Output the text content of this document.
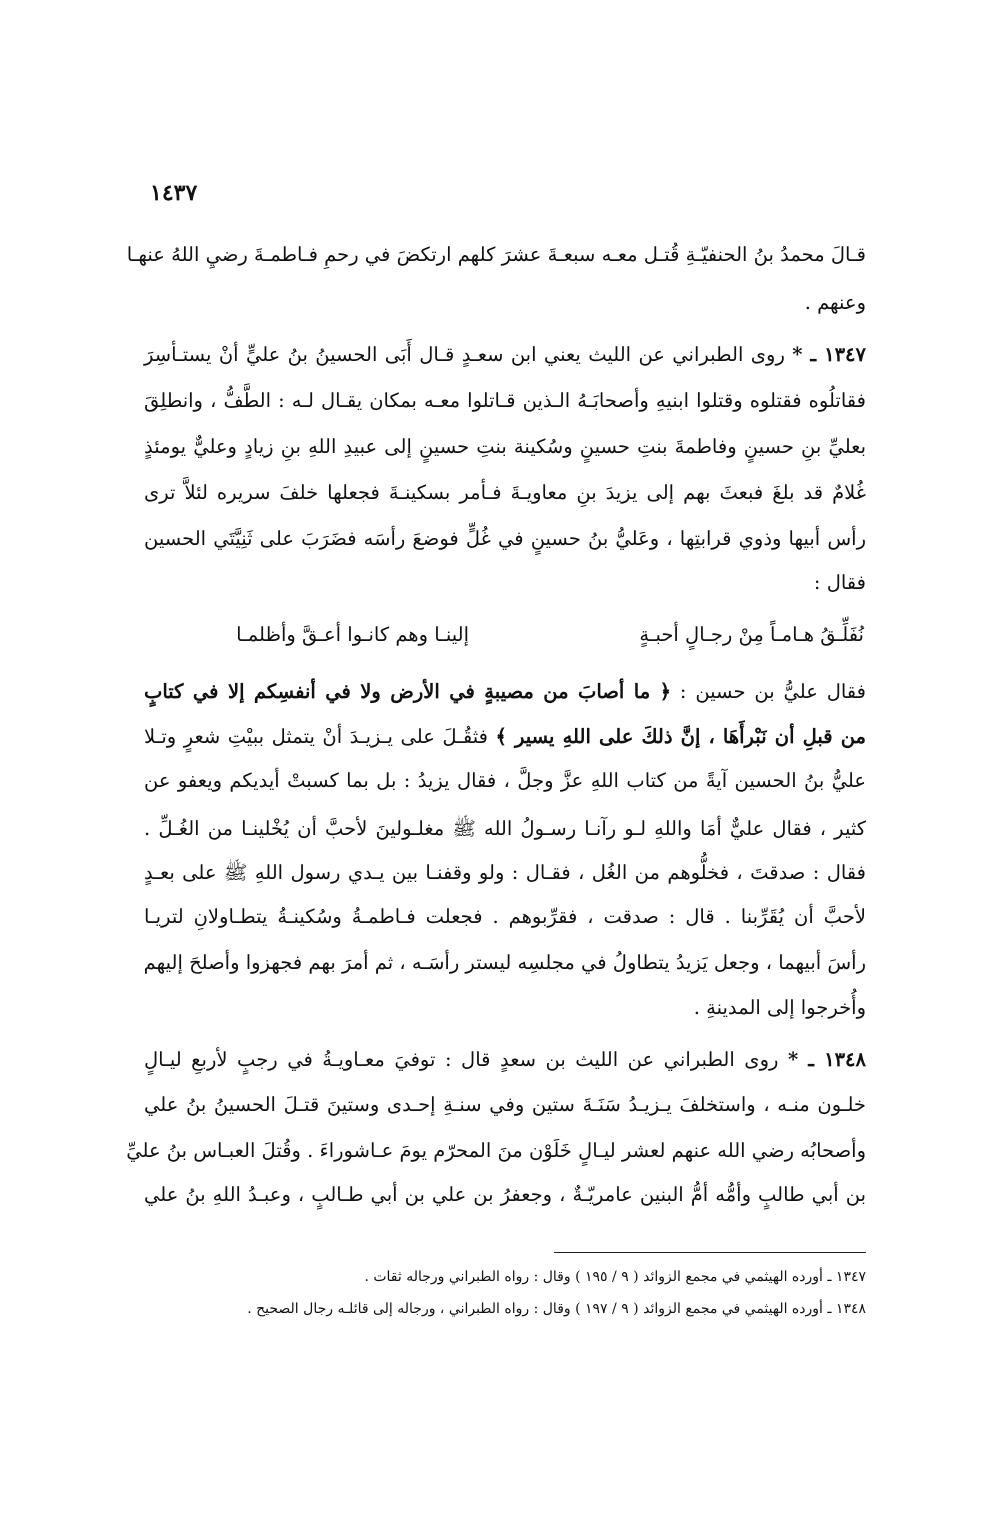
١٤٣٧
قـالَ محمدُ بنُ الحنفيّـةِ قُتـل معـه سبعـةَ عشرَ كلهم ارتكضَ في رحمِ فـاطمـةَ رضيِ اللهُ عنهـا
وعنهم .
١٣٤٧ ـ * روى الطبراني عن الليث يعني ابن سعـدٍ قـال أَبَى الحسينُ بنُ عليٍّ أنْ يستـأسِرَ
فقاتلُوه فقتلوه وقتلوا ابنيهِ وأصحابَـهُ الـذين قـاتلوا معـه بمكان يقـال لـه : الطَّفُّ ، وانطلِقَ
بعليِّ بنِ حسينٍ وفاطمةَ بنتِ حسينٍ وسُكينة بنتِ حسينٍ إلى عبيدِ اللهِ بنِ زيادٍ وعليٌّ يومئذٍ
غُلامٌ قد بلغَ فبعثَ بهم إلى يزيدَ بنِ معاويـةَ فـأمر بسكينـةَ فجعلها خلفَ سريره لئلاَّ ترى
رأس أبيها وذوي قرابتِها ، وعَليُّ بنُ حسينٍ في غُلٍّ فوضعَ رأسَه فضَرَبَ على ثَنِيَّتَي الحسين
فقال :
فقال عليُّ بن حسين : ﴿ ما أصابَ من مصيبةٍ في الأرض ولا في أنفسِكم إلا في كتابٍ
من قبلِ أن نَبْرأَهَا ، إنَّ ذلكَ على اللهِ يسير ﴾ فثقُـلَ على يـزيـدَ أنْ يتمثل ببيْتِ شعرٍ وتـلا
عليُّ بنُ الحسين آيةً من كتاب اللهِ عزَّ وجلَّ ، فقال يزيدُ : بل بما كسبتْ أيديكم ويعفو عن
كثير ، فقال عليٌّ أمَا واللهِ لـو رآنـا رسـولُ الله ﷺ مغلـولينَ لأحبَّ أن يُخْلينـا من الغُـلِّ .
فقال : صدقتَ ، فخلُّوهم من الغُل ، فقـال : ولو وقفنـا بين يـدي رسول اللهِ ﷺ على بعـدٍ
لأحبَّ أن يُقَرِّبنا . قال : صدقت ، فقرِّبوهم . فجعلت فـاطمـةُ وسُكينـةُ يتطـاولانِ لتريـا
رأسَ أبيهما ، وجعل يَزيدُ يتطاولُ في مجلسِه ليستر رأسَـه ، ثم أمرَ بهم فجهزوا وأصلحَ إليهم
وأُخرجوا إلى المدينةِ .
١٣٤٨ ـ * روى الطبراني عن الليث بن سعدٍ قال : توفيَ معـاويـةُ في رجبٍ لأربعِ ليـالٍ
خلـون منـه ، واستخلفَ يـزيـدُ سَنَـةَ ستين وفي سنـةِ إحـدى وستينَ قتـلَ الحسينُ بنُ علي
وأصحابُه رضي الله عنهم لعشر ليـالٍ خَلَوْن منَ المحرّم يومَ عـاشوراءَ . وقُتلَ العبـاس بنُ عليِّ
بن أبي طالبٍ وأمُّه أمُّ البنين عامريّـةٌ ، وجعفرُ بن علي بن أبي طـالبٍ ، وعبـدُ اللهِ بنُ علي
نُفَلِّـقُ هـامـاً مِنْ رجـالٍ أحبـةٍ
إلينـا وهم كانـوا أعـقَّ وأظلمـا
١٣٤٧ ـ أورده الهيثمي في مجمع الزوائد ( ٩ / ١٩٥ ) وقال : رواه الطبراني ورجاله ثقات .
١٣٤٨ ـ أورده الهيثمي في مجمع الزوائد ( ٩ / ١٩٧ ) وقال : رواه الطبراني ، ورجاله إلى قائلـه رجال الصحيح .
